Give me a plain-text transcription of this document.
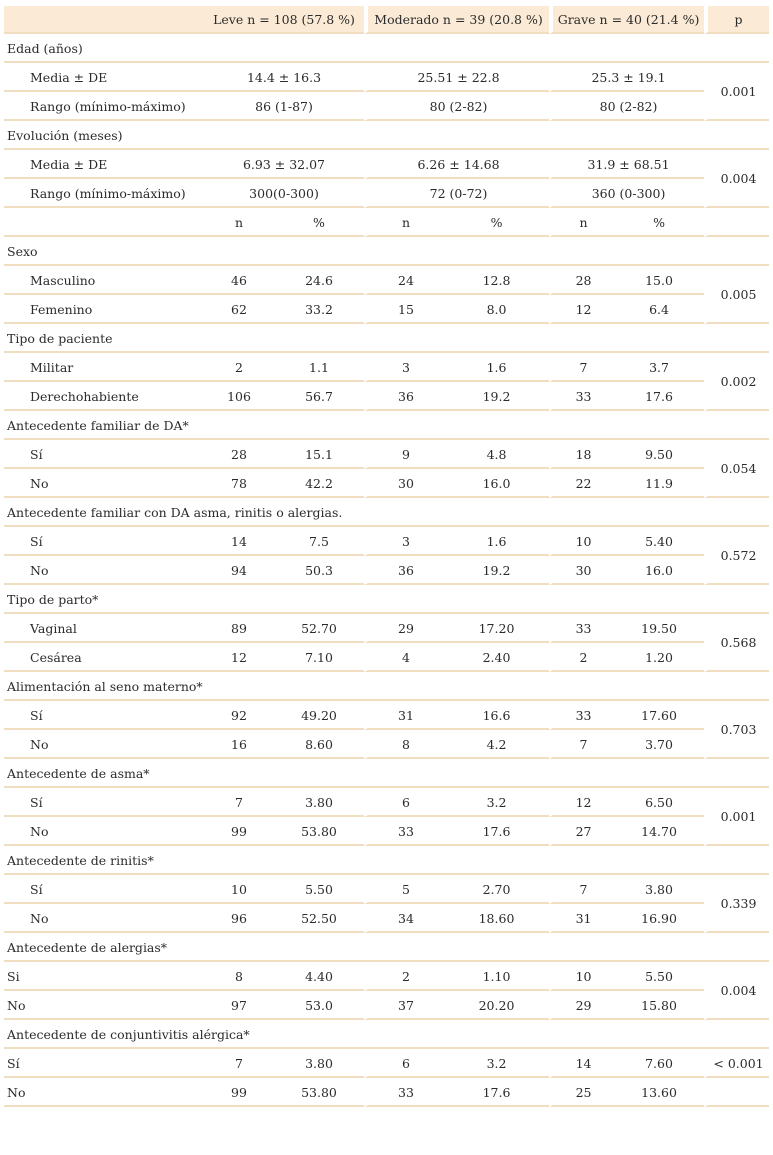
	Leve n = 108 (57.8 %)		Moderado n = 39 (20.8 %)		Grave n = 40 (21.4 %)		p
Edad (años)							
Media ± DE	14.4 ± 16.3		25.51 ± 22.8		25.3 ± 19.1		0.001
Rango (mínimo-máximo)	86 (1-87)		80 (2-82)		80 (2-82)		
Evolución (meses)							
Media ± DE	6.93 ± 32.07		6.26 ± 14.68		31.9 ± 68.51		0.004
Rango (mínimo-máximo)	300(0-300)		72 (0-72)		360 (0-300)		
	n	%	n	%	n	%	
Sexo							
Masculino	46	24.6	24	12.8	28	15.0	0.005
Femenino	62	33.2	15	8.0	12	6.4	
Tipo de paciente							
Militar	2	1.1	3	1.6	7	3.7	0.002
Derechohabiente	106	56.7	36	19.2	33	17.6	
Antecedente familiar de DA*							
Sí	28	15.1	9	4.8	18	9.50	0.054
No	78	42.2	30	16.0	22	11.9	
Antecedente familiar con DA asma, rinitis o alergias.							
Sí	14	7.5	3	1.6	10	5.40	0.572
No	94	50.3	36	19.2	30	16.0	
Tipo de parto*							
Vaginal	89	52.70	29	17.20	33	19.50	0.568
Cesárea	12	7.10	4	2.40	2	1.20	
Alimentación al seno materno*							
Sí	92	49.20	31	16.6	33	17.60	0.703
No	16	8.60	8	4.2	7	3.70	
Antecedente de asma*							
Sí	7	3.80	6	3.2	12	6.50	0.001
No	99	53.80	33	17.6	27	14.70	
Antecedente de rinitis*							
Sí	10	5.50	5	2.70	7	3.80	0.339
No	96	52.50	34	18.60	31	16.90	
Antecedente de alergias*							
Si	8	4.40	2	1.10	10	5.50	0.004
No	97	53.0	37	20.20	29	15.80	
Antecedente de conjuntivitis alérgica*							
Sí	7	3.80	6	3.2	14	7.60	< 0.001
No	99	53.80	33	17.6	25	13.60	
